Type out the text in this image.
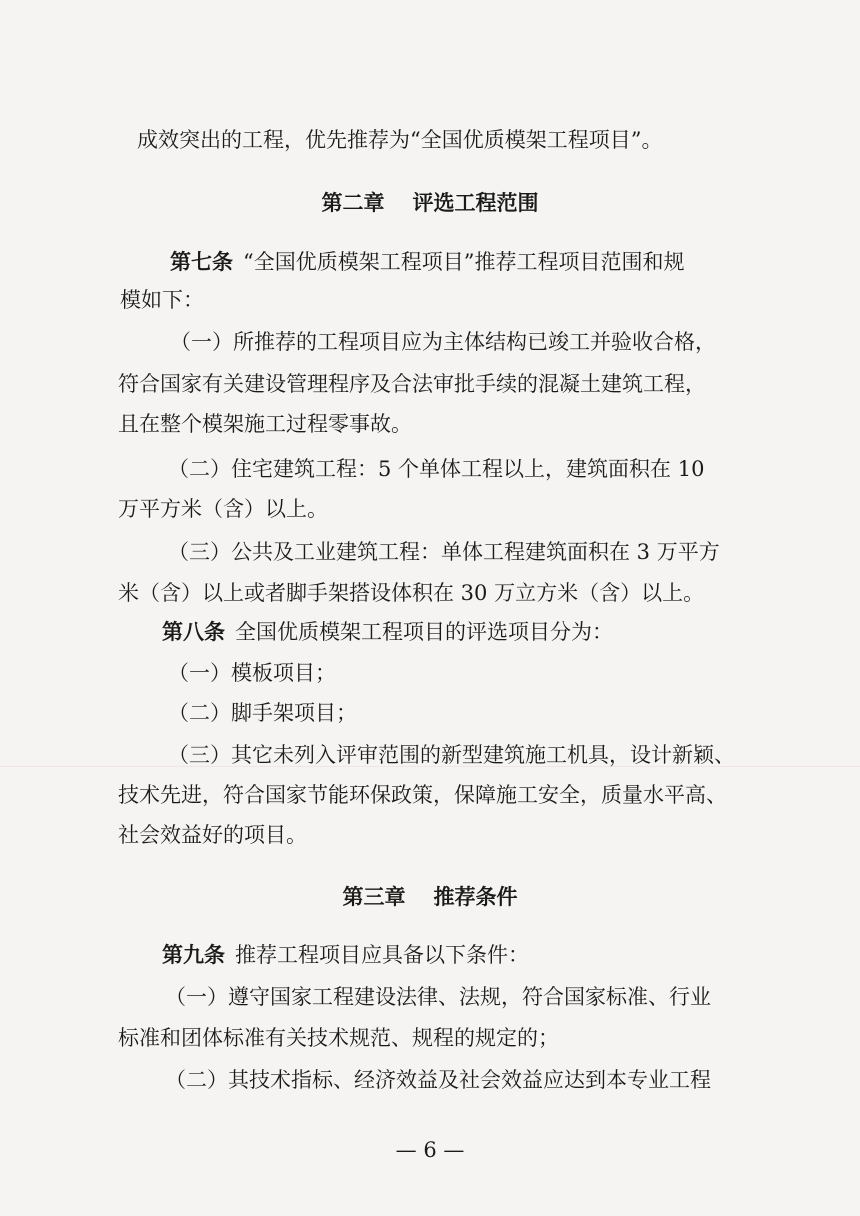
成效突出的工程，优先推荐为“全国优质模架工程项目”。
第二章 评选工程范围
第七条 “全国优质模架工程项目”推荐工程项目范围和规
模如下：
（一）所推荐的工程项目应为主体结构已竣工并验收合格，
符合国家有关建设管理程序及合法审批手续的混凝土建筑工程，
且在整个模架施工过程零事故。
（二）住宅建筑工程：5 个单体工程以上，建筑面积在 10
万平方米（含）以上。
（三）公共及工业建筑工程：单体工程建筑面积在 3 万平方
米（含）以上或者脚手架搭设体积在 30 万立方米（含）以上。
第八条 全国优质模架工程项目的评选项目分为：
（一）模板项目；
（二）脚手架项目；
（三）其它未列入评审范围的新型建筑施工机具，设计新颖、
技术先进，符合国家节能环保政策，保障施工安全，质量水平高、
社会效益好的项目。
第三章 推荐条件
第九条 推荐工程项目应具备以下条件：
（一）遵守国家工程建设法律、法规，符合国家标准、行业
标准和团体标准有关技术规范、规程的规定的；
（二）其技术指标、经济效益及社会效益应达到本专业工程
— 6 —
